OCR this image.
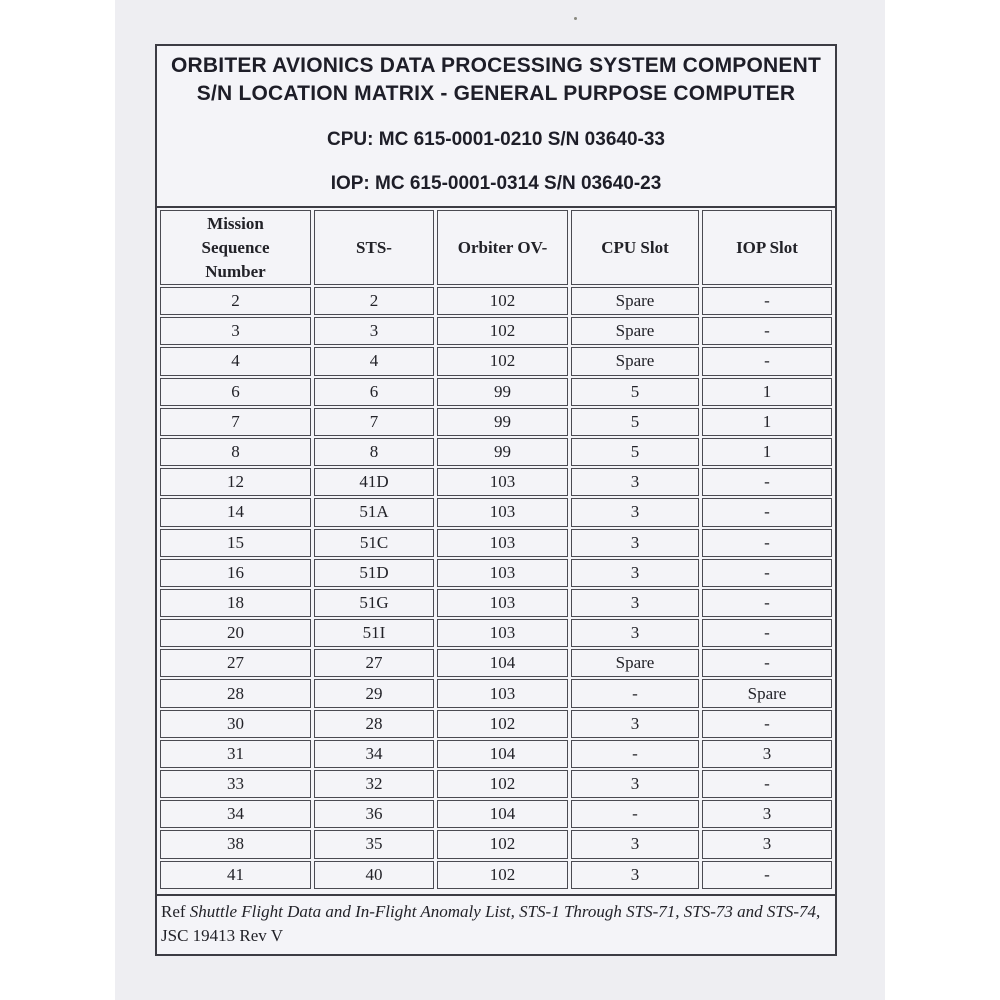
ORBITER AVIONICS DATA PROCESSING SYSTEM COMPONENT
S/N LOCATION MATRIX - GENERAL PURPOSE COMPUTER
CPU: MC 615-0001-0210 S/N 03640-33
IOP: MC 615-0001-0314 S/N 03640-23
Mission
Sequence
Number	STS-	Orbiter OV-	CPU Slot	IOP Slot
2	2	102	Spare	-
3	3	102	Spare	-
4	4	102	Spare	-
6	6	99	5	1
7	7	99	5	1
8	8	99	5	1
12	41D	103	3	-
14	51A	103	3	-
15	51C	103	3	-
16	51D	103	3	-
18	51G	103	3	-
20	51I	103	3	-
27	27	104	Spare	-
28	29	103	-	Spare
30	28	102	3	-
31	34	104	-	3
33	32	102	3	-
34	36	104	-	3
38	35	102	3	3
41	40	102	3	-
Ref Shuttle Flight Data and In-Flight Anomaly List, STS-1 Through STS-71, STS-73 and STS-74, JSC 19413 Rev V
